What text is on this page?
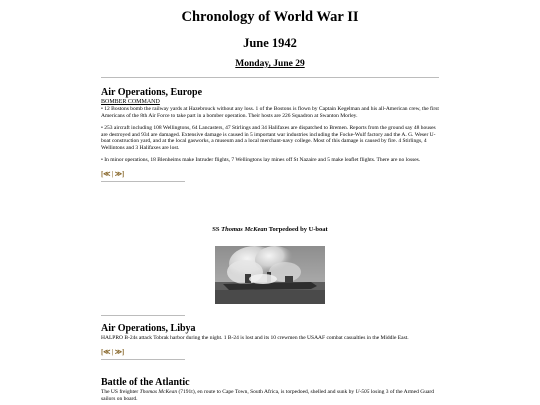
Chronology of World War II
June 1942
Monday, June 29
Air Operations, Europe
BOMBER COMMAND

• 12 Bostons bomb the railway yards at Hazebrouck without any loss. 1 of the Bostons is flown by Captain Kegelman and his all-American crew, the first Americans of the 8th Air Force to take part in a bomber operation. Their hosts are 226 Squadron at Swanton Morley.

• 253 aircraft including 108 Wellingtons, 64 Lancasters, 47 Stirlings and 34 Halifaxes are dispatched to Bremen. Reports from the ground say 48 houses are destroyed and 934 are damaged. Extensive damage is caused in 5 important war industries including the Focke-Wulf factory and the A. G. Weser U-boat construction yard, and at the local gasworks, a museum and a local merchant-navy college. Most of this damage is caused by fire. 4 Stirlings, 4 Wellintons and 3 Halifaxes are lost.

• In minor operations, 18 Blenheims make Intruder flights, 7 Wellingtons lay mines off St Nazaire and 5 make leaflet flights. There are no losses.

[≪ | ≫]
SS Thomas McKean Torpedoed by U-boat
Air Operations, Libya

HALPRO B-24s attack Tobrak harbor during the night. 1 B-24 is lost and its 10 crewmen the USAAF combat casualties in the Middle East.

[≪ | ≫]
Battle of the Atlantic

The US freighter Thomas McKean (7191t), en route to Cape Town, South Africa, is torpedoed, shelled and sunk by U-505 losing 3 of the Armed Guard sailors on board.
